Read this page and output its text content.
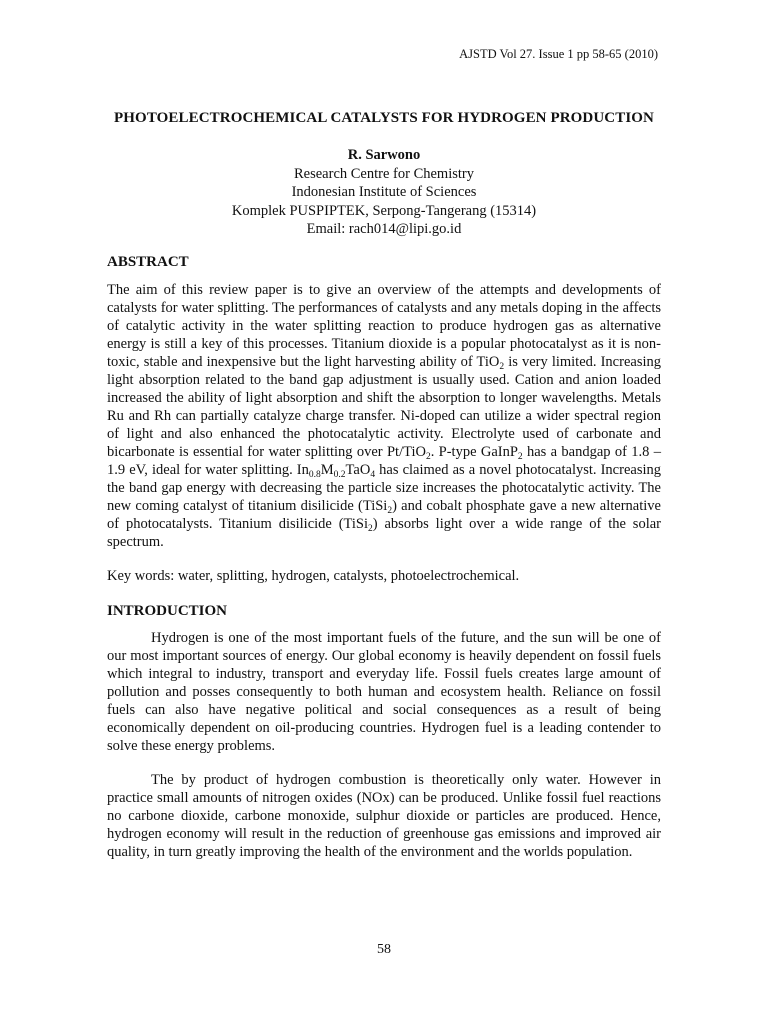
AJSTD Vol 27. Issue 1 pp 58-65 (2010)

PHOTOELECTROCHEMICAL CATALYSTS FOR HYDROGEN PRODUCTION
R. Sarwono
Research Centre for Chemistry
Indonesian Institute of Sciences
Komplek PUSPIPTEK, Serpong-Tangerang (15314)
Email: rach014@lipi.go.id
ABSTRACT

The aim of this review paper is to give an overview of the attempts and developments of catalysts for water splitting. The performances of catalysts and any metals doping in the affects of catalytic activity in the water splitting reaction to produce hydrogen gas as alternative energy is still a key of this processes. Titanium dioxide is a popular photocatalyst as it is non-toxic, stable and inexpensive but the light harvesting ability of TiO$_2$ is very limited. Increasing light absorption related to the band gap adjustment is usually used. Cation and anion loaded increased the ability of light absorption and shift the absorption to longer wavelengths. Metals Ru and Rh can partially catalyze charge transfer. Ni-doped can utilize a wider spectral region of light and also enhanced the photocatalytic activity. Electrolyte used of carbonate and bicarbonate is essential for water splitting over Pt/TiO$_2$. P-type GaInP$_2$ has a bandgap of 1.8 – 1.9 eV, ideal for water splitting. $In_{0.8}M_{0.2}TaO_4$ has claimed as a novel photocatalyst. Increasing the band gap energy with decreasing the particle size increases the photocatalytic activity. The new coming catalyst of titanium disilicide (TiSi$_2$) and cobalt phosphate gave a new alternative of photocatalysts. Titanium disilicide (TiSi$_2$) absorbs light over a wide range of the solar spectrum.

Key words: water, splitting, hydrogen, catalysts, photoelectrochemical.

INTRODUCTION

Hydrogen is one of the most important fuels of the future, and the sun will be one of our most important sources of energy. Our global economy is heavily dependent on fossil fuels which integral to industry, transport and everyday life. Fossil fuels creates large amount of pollution and posses consequently to both human and ecosystem health. Reliance on fossil fuels can also have negative political and social consequences as a result of being economically dependent on oil-producing countries. Hydrogen fuel is a leading contender to solve these energy problems.

The by product of hydrogen combustion is theoretically only water. However in practice small amounts of nitrogen oxides (NOx) can be produced. Unlike fossil fuel reactions no carbone dioxide, carbone monoxide, sulphur dioxide or particles are produced. Hence, hydrogen economy will result in the reduction of greenhouse gas emissions and improved air quality, in turn greatly improving the health of the environment and the worlds population.

58
